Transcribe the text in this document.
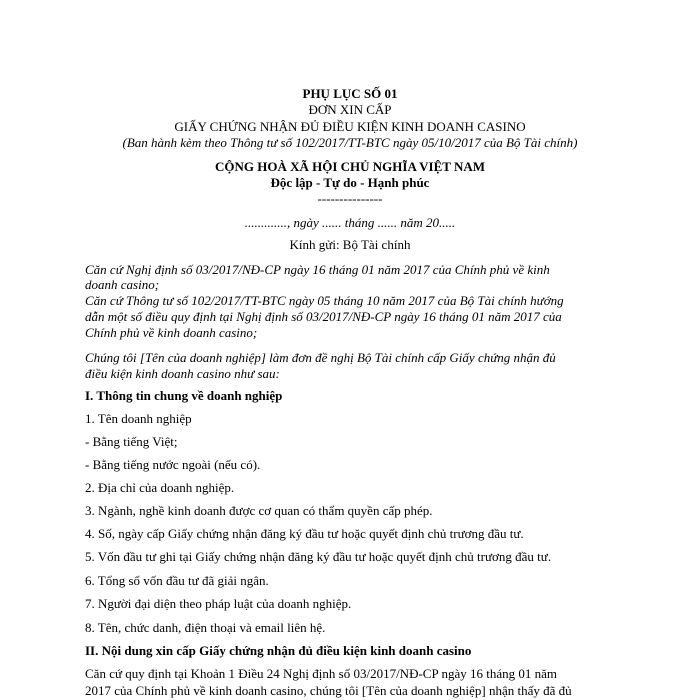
PHỤ LỤC SỐ 01
ĐƠN XIN CẤP
GIẤY CHỨNG NHẬN ĐỦ ĐIỀU KIỆN KINH DOANH CASINO
(Ban hành kèm theo Thông tư số 102/2017/TT-BTC ngày 05/10/2017 của Bộ Tài chính)
CỘNG HOÀ XÃ HỘI CHỦ NGHĨA VIỆT NAM
Độc lập - Tự do - Hạnh phúc
---------------
............., ngày ...... tháng ...... năm 20.....
Kính gửi: Bộ Tài chính
Căn cứ Nghị định số 03/2017/NĐ-CP ngày 16 tháng 01 năm 2017 của Chính phủ về kinh
doanh casino;
Căn cứ Thông tư số 102/2017/TT-BTC ngày 05 tháng 10 năm 2017 của Bộ Tài chính hướng
dẫn một số điều quy định tại Nghị định số 03/2017/NĐ-CP ngày 16 tháng 01 năm 2017 của
Chính phủ về kinh doanh casino;
Chúng tôi [Tên của doanh nghiệp] làm đơn đề nghị Bộ Tài chính cấp Giấy chứng nhận đủ
điều kiện kinh doanh casino như sau:
I. Thông tin chung về doanh nghiệp
1. Tên doanh nghiệp
- Bằng tiếng Việt;
- Bằng tiếng nước ngoài (nếu có).
2. Địa chỉ của doanh nghiệp.
3. Ngành, nghề kinh doanh được cơ quan có thẩm quyền cấp phép.
4. Số, ngày cấp Giấy chứng nhận đăng ký đầu tư hoặc quyết định chủ trương đầu tư.
5. Vốn đầu tư ghi tại Giấy chứng nhận đăng ký đầu tư hoặc quyết định chủ trương đầu tư.
6. Tổng số vốn đầu tư đã giải ngân.
7. Người đại diện theo pháp luật của doanh nghiệp.
8. Tên, chức danh, điện thoại và email liên hệ.
II. Nội dung xin cấp Giấy chứng nhận đủ điều kiện kinh doanh casino
Căn cứ quy định tại Khoản 1 Điều 24 Nghị định số 03/2017/NĐ-CP ngày 16 tháng 01 năm
2017 của Chính phủ về kinh doanh casino, chúng tôi [Tên của doanh nghiệp] nhận thấy đã đủ
